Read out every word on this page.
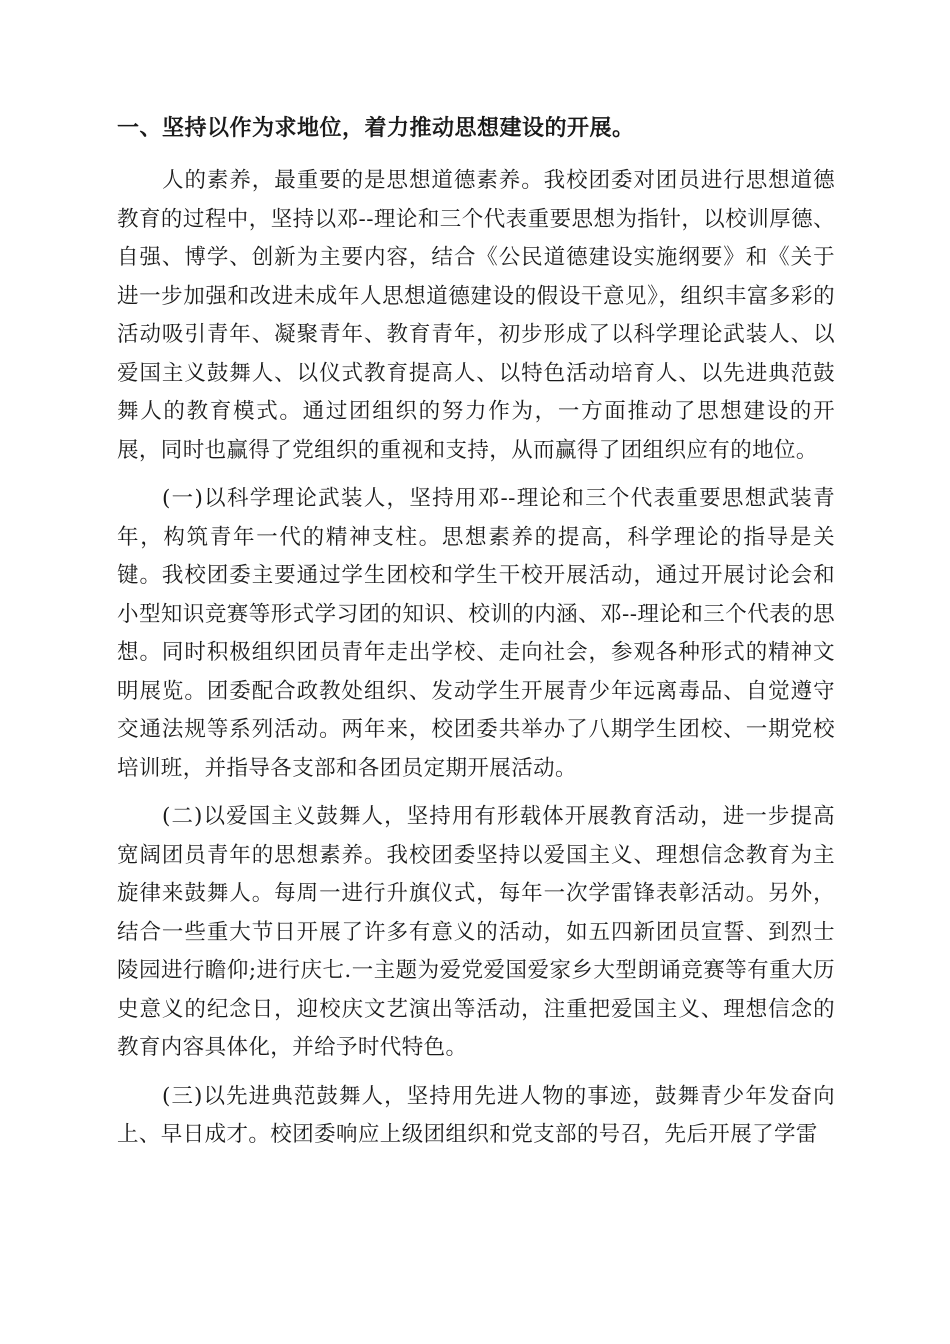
一、坚持以作为求地位，着力推动思想建设的开展。

人的素养，最重要的是思想道德素养。我校团委对团员进行思想道德教育的过程中，坚持以邓--理论和三个代表重要思想为指针，以校训厚德、自强、博学、创新为主要内容，结合《公民道德建设实施纲要》和《关于进一步加强和改进未成年人思想道德建设的假设干意见》，组织丰富多彩的活动吸引青年、凝聚青年、教育青年，初步形成了以科学理论武装人、以爱国主义鼓舞人、以仪式教育提高人、以特色活动培育人、以先进典范鼓舞人的教育模式。通过团组织的努力作为，一方面推动了思想建设的开展，同时也赢得了党组织的重视和支持，从而赢得了团组织应有的地位。

(一)以科学理论武装人，坚持用邓--理论和三个代表重要思想武装青年，构筑青年一代的精神支柱。思想素养的提高，科学理论的指导是关键。我校团委主要通过学生团校和学生干校开展活动，通过开展讨论会和小型知识竞赛等形式学习团的知识、校训的内涵、邓--理论和三个代表的思想。同时积极组织团员青年走出学校、走向社会，参观各种形式的精神文明展览。团委配合政教处组织、发动学生开展青少年远离毒品、自觉遵守交通法规等系列活动。两年来，校团委共举办了八期学生团校、一期党校培训班，并指导各支部和各团员定期开展活动。

(二)以爱国主义鼓舞人，坚持用有形载体开展教育活动，进一步提高宽阔团员青年的思想素养。我校团委坚持以爱国主义、理想信念教育为主旋律来鼓舞人。每周一进行升旗仪式，每年一次学雷锋表彰活动。另外，结合一些重大节日开展了许多有意义的活动，如五四新团员宣誓、到烈士陵园进行瞻仰;进行庆七.一主题为爱党爱国爱家乡大型朗诵竞赛等有重大历史意义的纪念日，迎校庆文艺演出等活动，注重把爱国主义、理想信念的教育内容具体化，并给予时代特色。

(三)以先进典范鼓舞人，坚持用先进人物的事迹，鼓舞青少年发奋向上、早日成才。校团委响应上级团组织和党支部的号召，先后开展了学雷
